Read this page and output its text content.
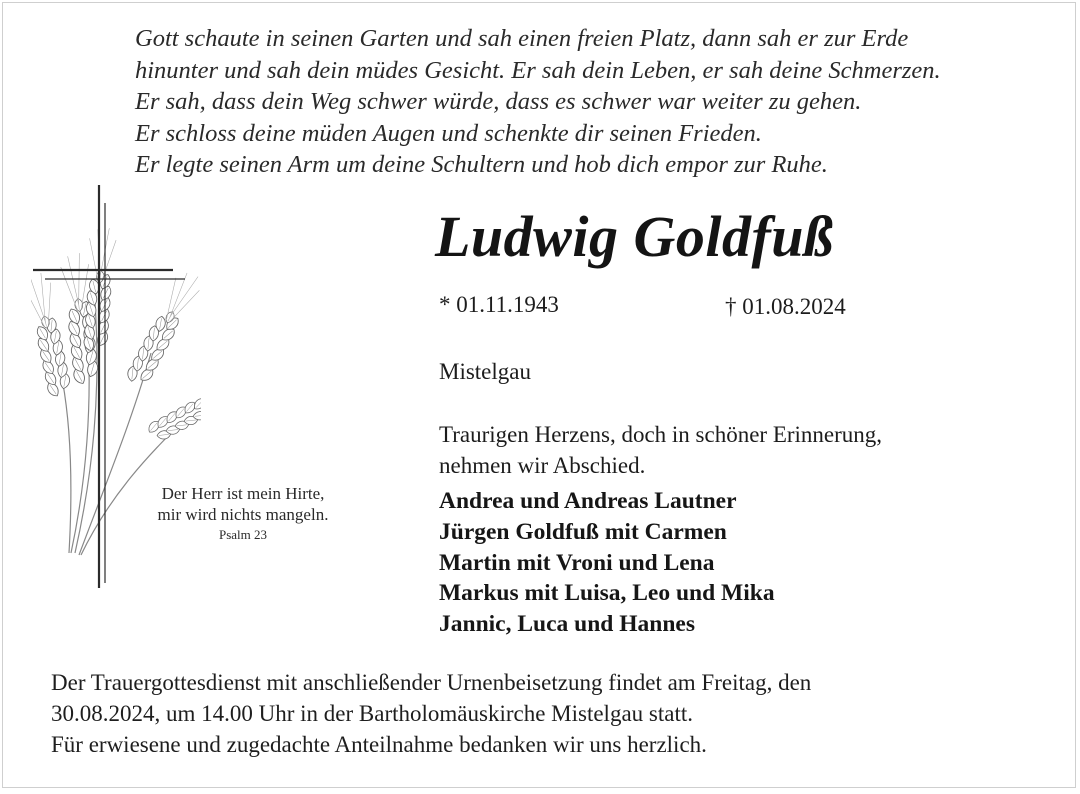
Gott schaute in seinen Garten und sah einen freien Platz, dann sah er zur Erde
hinunter und sah dein müdes Gesicht. Er sah dein Leben, er sah deine Schmerzen.
Er sah, dass dein Weg schwer würde, dass es schwer war weiter zu gehen.
Er schloss deine müden Augen und schenkte dir seinen Frieden.
Er legte seinen Arm um deine Schultern und hob dich empor zur Ruhe.
Der Herr ist mein Hirte,
mir wird nichts mangeln.
Psalm 23
Ludwig Goldfuß
* 01.11.1943	† 01.08.2024
Mistelgau
Traurigen Herzens, doch in schöner Erinnerung,
nehmen wir Abschied.
Andrea und Andreas Lautner
Jürgen Goldfuß mit Carmen
Martin mit Vroni und Lena
Markus mit Luisa, Leo und Mika
Jannic, Luca und Hannes
Der Trauergottesdienst mit anschließender Urnenbeisetzung findet am Freitag, den
30.08.2024, um 14.00 Uhr in der Bartholomäuskirche Mistelgau statt.
Für erwiesene und zugedachte Anteilnahme bedanken wir uns herzlich.
